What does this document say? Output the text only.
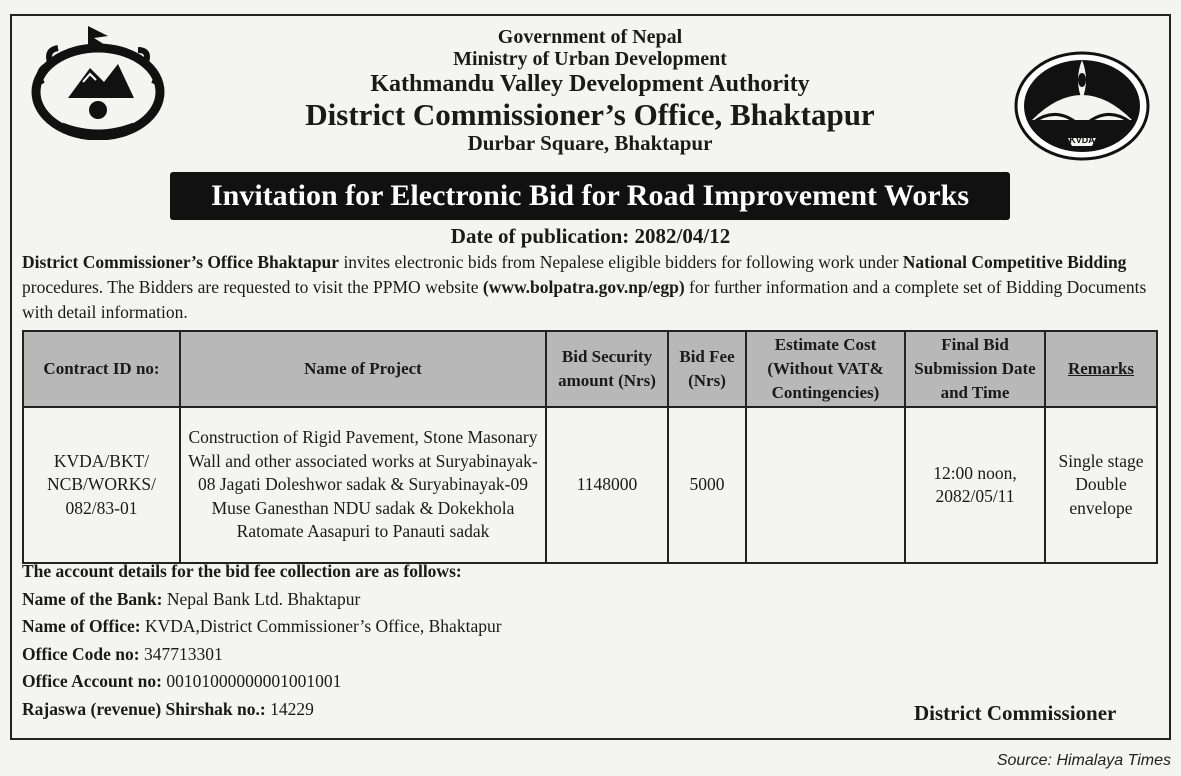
Government of Nepal
Ministry of Urban Development
Kathmandu Valley Development Authority
District Commissioner’s Office, Bhaktapur
Durbar Square, Bhaktapur	KVDA
Invitation for Electronic Bid for Road Improvement Works
Date of publication: 2082/04/12
District Commissioner’s Office Bhaktapur invites electronic bids from Nepalese eligible bidders for following work under National Competitive Bidding procedures. The Bidders are requested to visit the PPMO website (www.bolpatra.gov.np/egp) for further information and a complete set of Bidding Documents with detail information.
Contract ID no:	Name of Project	Bid Security amount (Nrs)	Bid Fee (Nrs)	Estimate Cost (Without VAT& Contingencies)	Final Bid Submission Date and Time	Remarks
KVDA/BKT/ NCB/WORKS/ 082/83-01	Construction of Rigid Pavement, Stone Masonary Wall and other associated works at Suryabinayak-08 Jagati Doleshwor sadak & Suryabinayak-09 Muse Ganesthan NDU sadak & Dokekhola Ratomate Aasapuri to Panauti sadak	1148000	5000		12:00 noon, 2082/05/11	Single stage Double envelope
The account details for the bid fee collection are as follows:
Name of the Bank: Nepal Bank Ltd. Bhaktapur
Name of Office: KVDA,District Commissioner’s Office, Bhaktapur
Office Code no: 347713301
Office Account no: 00101000000001001001
Rajaswa (revenue) Shirshak no.: 14229	District Commissioner
Source: Himalaya Times
